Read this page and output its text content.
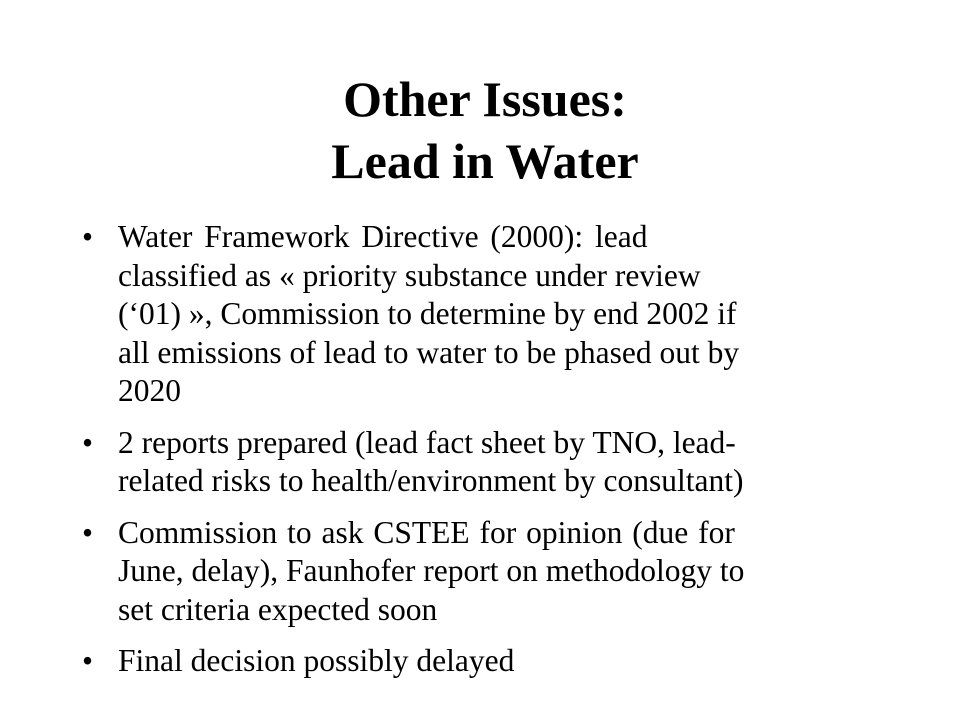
Other Issues:
Lead in Water
• Water Framework Directive (2000): lead
classified as « priority substance under review
(‘01) », Commission to determine by end 2002 if
all emissions of lead to water to be phased out by
2020
• 2 reports prepared (lead fact sheet by TNO, lead-
related risks to health/environment by consultant)
• Commission to ask CSTEE for opinion (due for
June, delay), Faunhofer report on methodology to
set criteria expected soon
• Final decision possibly delayed
